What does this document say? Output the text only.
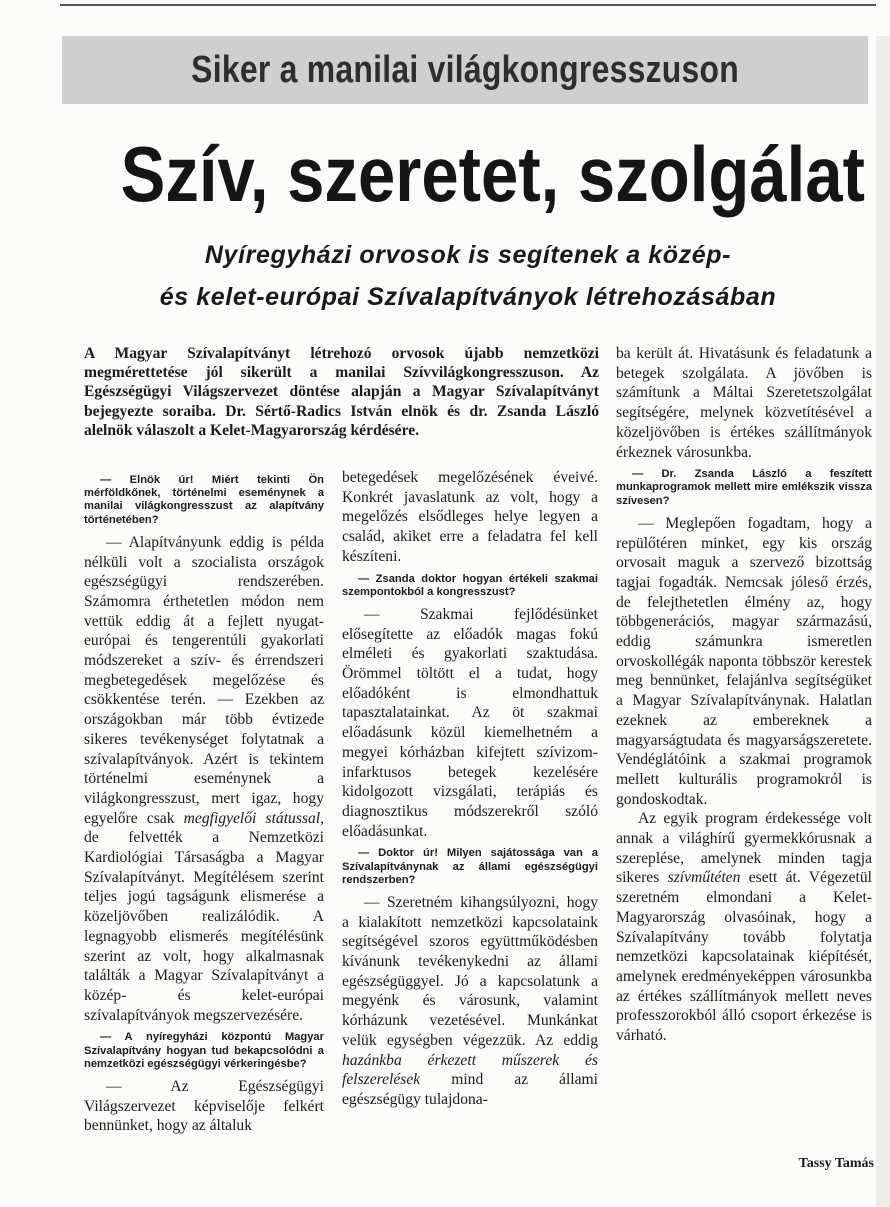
Siker a manilai világkongresszuson
Szív, szeretet, szolgálat
Nyíregyházi orvosok is segítenek a közép-
és kelet-európai Szívalapítványok létrehozásában
A Magyar Szívalapítványt létrehozó orvosok újabb nemzetközi megmérettetése jól sikerült a manilai Szívvilágkongresszuson. Az Egészségügyi Világszervezet döntése alapján a Magyar Szívalapítványt bejegyezte soraiba. Dr. Sértő-Radics István elnök és dr. Zsanda László alelnök válaszolt a Kelet-Magyarország kérdésére.

— Elnök úr! Miért tekinti Ön mérföldkőnek, történelmi eseménynek a manilai világkongresszust az alapítvány történetében?

— Alapítványunk eddig is példa nélküli volt a szocialista országok egészségügyi rendszerében. Számomra érthetetlen módon nem vettük eddig át a fejlett nyugat-európai és tengerentúli gyakorlati módszereket a szív- és érrendszeri megbetegedések megelőzése és csökkentése terén. — Ezekben az országokban már több évtizede sikeres tevékenységet folytatnak a szívalapítványok. Azért is tekintem történelmi eseménynek a világkongresszust, mert igaz, hogy egyelőre csak megfigyelői státussal, de felvették a Nemzetközi Kardiológiai Társaságba a Magyar Szívalapítványt. Megítélésem szerint teljes jogú tagságunk elismerése a közeljövőben realizálódik. A legnagyobb elismerés megítélésünk szerint az volt, hogy alkalmasnak találták a Magyar Szívalapítványt a közép- és kelet-európai szívalapítványok megszervezésére.

— A nyíregyházi központú Magyar Szívalapítvány hogyan tud bekapcsolódni a nemzetközi egészségügyi vérkeringésbe?

— Az Egészségügyi Világszervezet képviselője felkért bennünket, hogy az általuk

betegedések megelőzésének éveivé. Konkrét javaslatunk az volt, hogy a megelőzés elsődleges helye legyen a család, akiket erre a feladatra fel kell készíteni.

— Zsanda doktor hogyan értékeli szakmai szempontokból a kongresszust?

— Szakmai fejlődésünket elősegítette az előadók magas fokú elméleti és gyakorlati szaktudása. Örömmel töltött el a tudat, hogy előadóként is elmondhattuk tapasztalatainkat. Az öt szakmai előadásunk közül kiemelhetném a megyei kórházban kifejtett szívizom-infarktusos betegek kezelésére kidolgozott vizsgálati, terápiás és diagnosztikus módszerekről szóló előadásunkat.

— Doktor úr! Milyen sajátossága van a Szívalapítványnak az állami egészségügyi rendszerben?

— Szeretném kihangsúlyozni, hogy a kialakított nemzetközi kapcsolataink segítségével szoros együttműködésben kívánunk tevékenykedni az állami egészségüggyel. Jó a kapcsolatunk a megyénk és városunk, valamint kórházunk vezetésével. Munkánkat velük egységben végezzük. Az eddig hazánkba érkezett műszerek és felszerelések mind az állami egészségügy tulajdona-

ba került át. Hivatásunk és feladatunk a betegek szolgálata. A jövőben is számítunk a Máltai Szeretetszolgálat segítségére, melynek közvetítésével a közeljövőben is értékes szállítmányok érkeznek városunkba.

— Dr. Zsanda László a feszített munkaprogramok mellett mire emlékszik vissza szívesen?

— Meglepően fogadtam, hogy a repülőtéren minket, egy kis ország orvosait maguk a szervező bizottság tagjai fogadták. Nemcsak jóleső érzés, de felejthetetlen élmény az, hogy többgenerációs, magyar származású, eddig számunkra ismeretlen orvoskollégák naponta többször kerestek meg bennünket, felajánlva segítségüket a Magyar Szívalapítványnak. Halatlan ezeknek az embereknek a magyarságtudata és magyarságszeretete. Vendéglátóink a szakmai programok mellett kulturális programokról is gondoskodtak.

Az egyik program érdekessége volt annak a világhírű gyermekkórusnak a szereplése, amelynek minden tagja sikeres szívműtéten esett át. Végezetül szeretném elmondani a Kelet-Magyarország olvasóinak, hogy a Szívalapítvány tovább folytatja nemzetközi kapcsolatainak kiépítését, amelynek eredményeképpen városunkba az értékes szállítmányok mellett neves professzorokból álló csoport érkezése is várható.

Tassy Tamás
